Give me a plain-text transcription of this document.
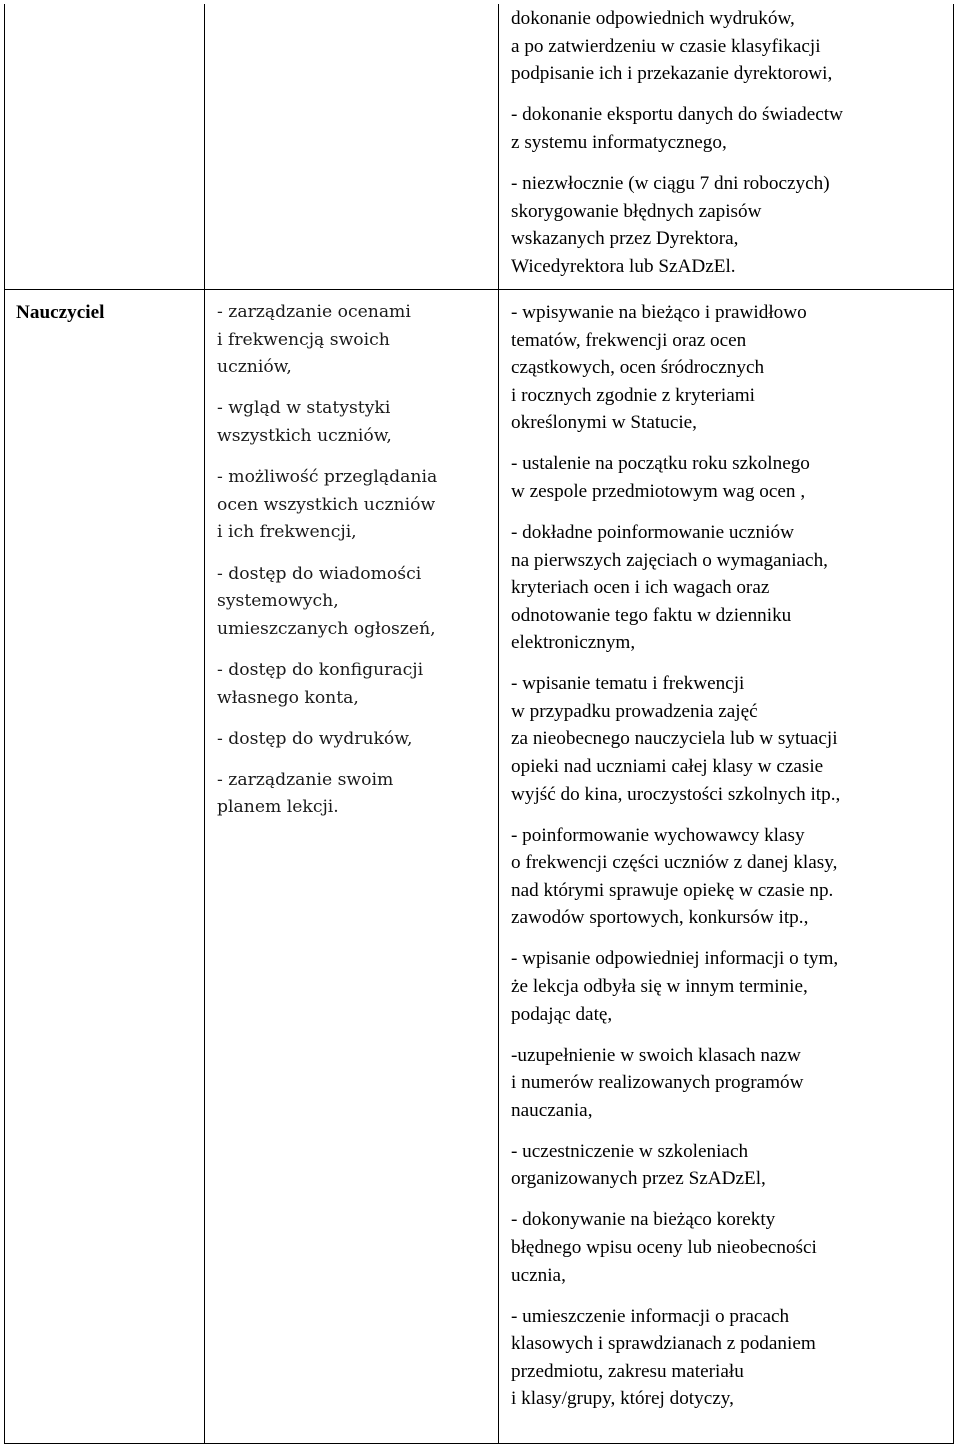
dokonanie odpowiednich wydruków,
a po zatwierdzeniu w czasie klasyfikacji
podpisanie ich i przekazanie dyrektorowi,

- dokonanie eksportu danych do świadectw
z systemu informatycznego,

- niezwłocznie (w ciągu 7 dni roboczych)
skorygowanie błędnych zapisów
wskazanych przez Dyrektora,
Wicedyrektora lub SzADzEl.

Nauczyciel	- zarządzanie ocenami
i frekwencją swoich
uczniów,

- wgląd w statystyki
wszystkich uczniów,

- możliwość przeglądania
ocen wszystkich uczniów
i ich frekwencji,

- dostęp do wiadomości
systemowych,
umieszczanych ogłoszeń,

- dostęp do konfiguracji
własnego konta,

- dostęp do wydruków,

- zarządzanie swoim
planem lekcji.

- wpisywanie na bieżąco i prawidłowo
tematów, frekwencji oraz ocen
cząstkowych, ocen śródrocznych
i rocznych zgodnie z kryteriami
określonymi w Statucie,

- ustalenie na początku roku szkolnego
w zespole przedmiotowym wag ocen ,

- dokładne poinformowanie uczniów
na pierwszych zajęciach o wymaganiach,
kryteriach ocen i ich wagach oraz
odnotowanie tego faktu w dzienniku
elektronicznym,

- wpisanie tematu i frekwencji
w przypadku prowadzenia zajęć
za nieobecnego nauczyciela lub w sytuacji
opieki nad uczniami całej klasy w czasie
wyjść do kina, uroczystości szkolnych itp.,

- poinformowanie wychowawcy klasy
o frekwencji części uczniów z danej klasy,
nad którymi sprawuje opiekę w czasie np.
zawodów sportowych, konkursów itp.,

- wpisanie odpowiedniej informacji o tym,
że lekcja odbyła się w innym terminie,
podając datę,

-uzupełnienie w swoich klasach nazw
i numerów realizowanych programów
nauczania,

- uczestniczenie w szkoleniach
organizowanych przez SzADzEl,

- dokonywanie na bieżąco korekty
błędnego wpisu oceny lub nieobecności
ucznia,

- umieszczenie informacji o pracach
klasowych i sprawdzianach z podaniem
przedmiotu, zakresu materiału
i klasy/grupy, której dotyczy,
